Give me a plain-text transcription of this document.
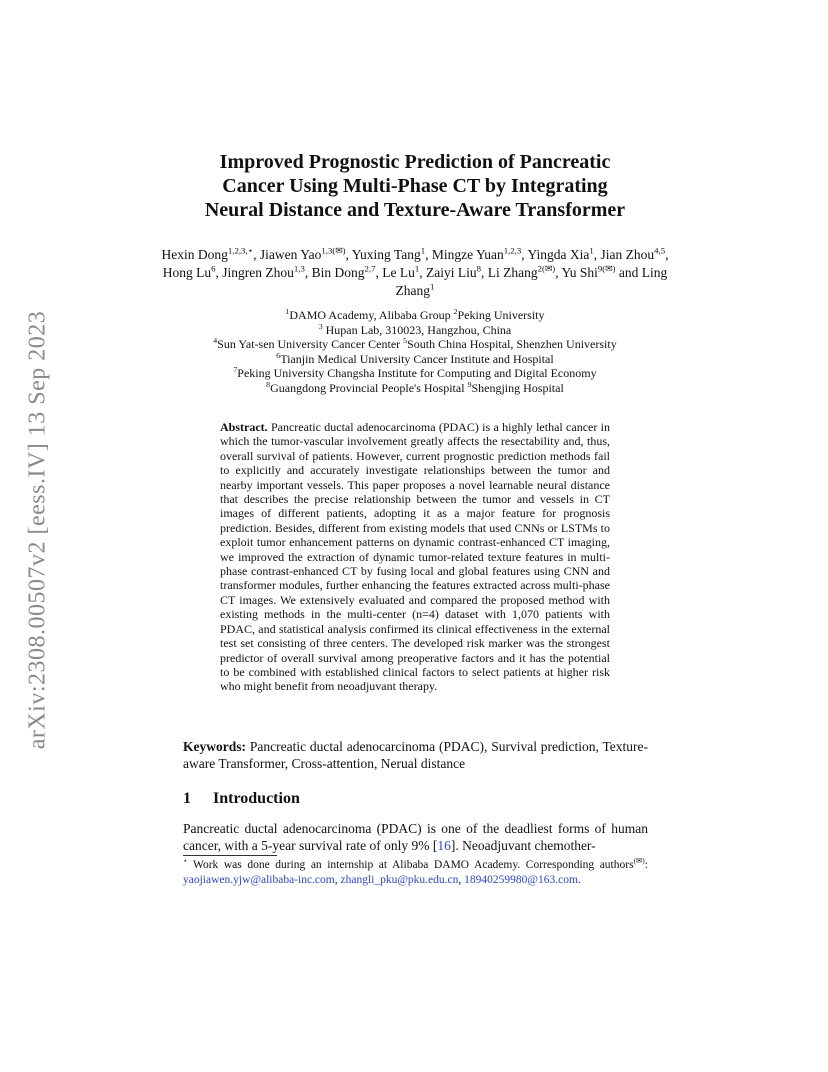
arXiv:2308.00507v2 [eess.IV] 13 Sep 2023
Improved Prognostic Prediction of Pancreatic
Cancer Using Multi-Phase CT by Integrating
Neural Distance and Texture-Aware Transformer
Hexin Dong$^{1,2,3,⋆}$, Jiawen Yao$^{1,3(✉)}$, Yuxing Tang$^1$, Mingze Yuan$^{1,2,3}$, Yingda Xia$^1$, Jian Zhou$^{4,5}$, Hong Lu$^6$, Jingren Zhou$^{1,3}$, Bin Dong$^{2,7}$, Le Lu$^1$, Zaiyi Liu$^8$, Li Zhang$^{2(✉)}$, Yu Shi$^{9(✉)}$ and Ling Zhang$^1$
$^1$DAMO Academy, Alibaba Group $^2$Peking University
$^3$ Hupan Lab, 310023, Hangzhou, China
$^4$Sun Yat-sen University Cancer Center $^5$South China Hospital, Shenzhen University
$^6$Tianjin Medical University Cancer Institute and Hospital
$^7$Peking University Changsha Institute for Computing and Digital Economy
$^8$Guangdong Provincial People's Hospital $^9$Shengjing Hospital
Abstract. Pancreatic ductal adenocarcinoma (PDAC) is a highly lethal cancer in which the tumor-vascular involvement greatly affects the resectability and, thus, overall survival of patients. However, current prognostic prediction methods fail to explicitly and accurately investigate relationships between the tumor and nearby important vessels. This paper proposes a novel learnable neural distance that describes the precise relationship between the tumor and vessels in CT images of different patients, adopting it as a major feature for prognosis prediction. Besides, different from existing models that used CNNs or LSTMs to exploit tumor enhancement patterns on dynamic contrast-enhanced CT imaging, we improved the extraction of dynamic tumor-related texture features in multi-phase contrast-enhanced CT by fusing local and global features using CNN and transformer modules, further enhancing the features extracted across multi-phase CT images. We extensively evaluated and compared the proposed method with existing methods in the multi-center (n=4) dataset with 1,070 patients with PDAC, and statistical analysis confirmed its clinical effectiveness in the external test set consisting of three centers. The developed risk marker was the strongest predictor of overall survival among preoperative factors and it has the potential to be combined with established clinical factors to select patients at higher risk who might benefit from neoadjuvant therapy.
Keywords: Pancreatic ductal adenocarcinoma (PDAC), Survival prediction, Texture-aware Transformer, Cross-attention, Nerual distance
1 Introduction
Pancreatic ductal adenocarcinoma (PDAC) is one of the deadliest forms of human cancer, with a 5-year survival rate of only 9% [16]. Neoadjuvant chemother-
⋆ Work was done during an internship at Alibaba DAMO Academy. Corresponding authors(✉): yaojiawen.yjw@alibaba-inc.com, zhangli_pku@pku.edu.cn, 18940259980@163.com.
